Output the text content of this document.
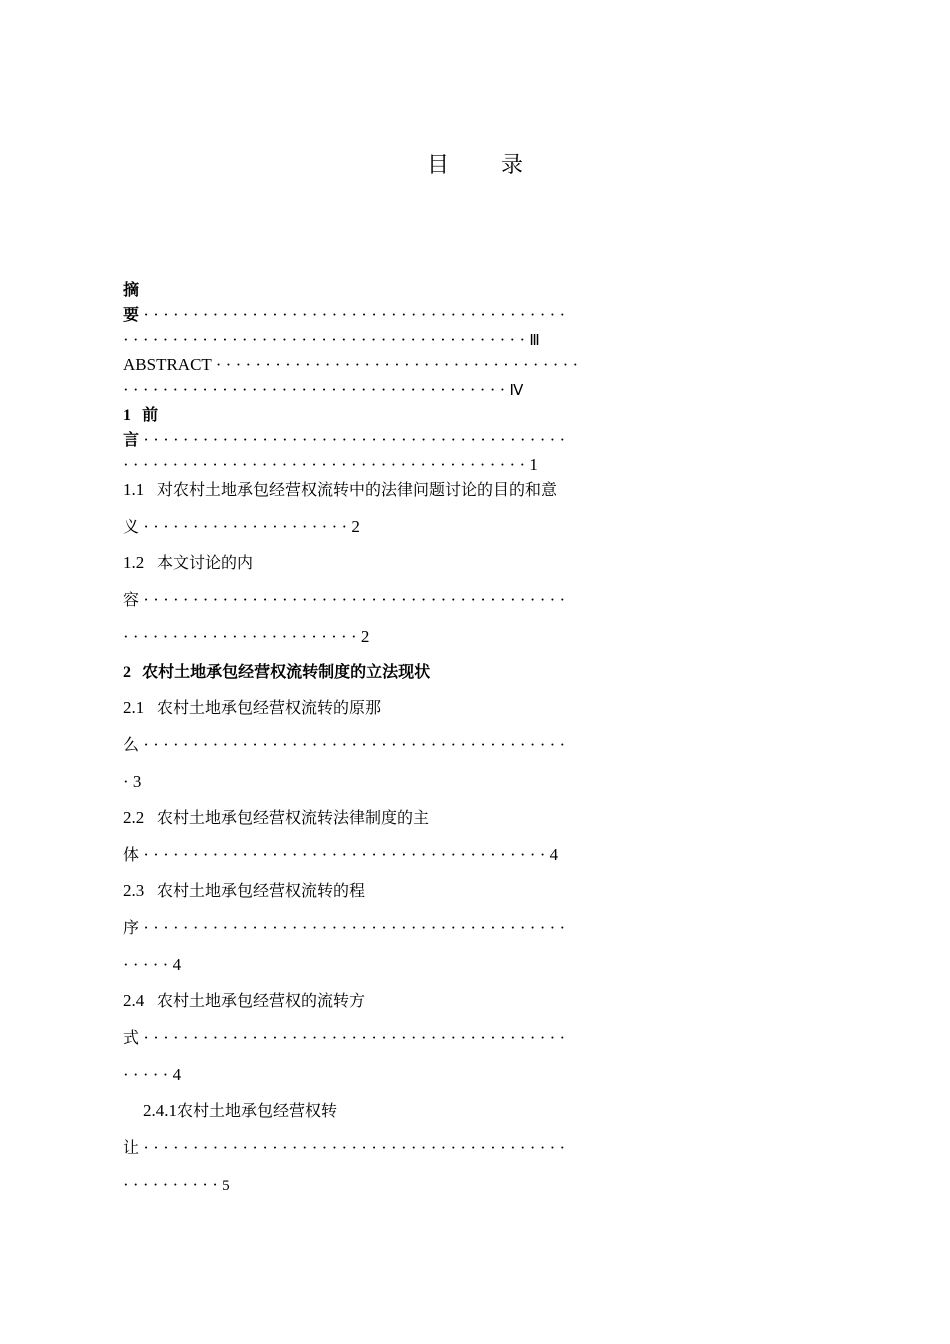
目 录
摘
要 · · · · · · · · · · · · · · · · · · · · · · · · · · · · · · · · · · · · · · · · · · ·
· · · · · · · · · · · · · · · · · · · · · · · · · · · · · · · · · · · · · · · · · Ⅲ
ABSTRACT · · · · · · · · · · · · · · · · · · · · · · · · · · · · · · · · · · · · ·
· · · · · · · · · · · · · · · · · · · · · · · · · · · · · · · · · · · · · · · Ⅳ
1 前
言 · · · · · · · · · · · · · · · · · · · · · · · · · · · · · · · · · · · · · · · · · · ·
· · · · · · · · · · · · · · · · · · · · · · · · · · · · · · · · · · · · · · · · · 1
1.1 对农村土地承包经营权流转中的法律问题讨论的目的和意
义 · · · · · · · · · · · · · · · · · · · · · 2
1.2 本文讨论的内
容 · · · · · · · · · · · · · · · · · · · · · · · · · · · · · · · · · · · · · · · · · · ·
· · · · · · · · · · · · · · · · · · · · · · · · 2
2 农村土地承包经营权流转制度的立法现状
2.1 农村土地承包经营权流转的原那
么 · · · · · · · · · · · · · · · · · · · · · · · · · · · · · · · · · · · · · · · · · · ·
· 3
2.2 农村土地承包经营权流转法律制度的主
体 · · · · · · · · · · · · · · · · · · · · · · · · · · · · · · · · · · · · · · · · · 4
2.3 农村土地承包经营权流转的程
序 · · · · · · · · · · · · · · · · · · · · · · · · · · · · · · · · · · · · · · · · · · ·
· · · · · 4
2.4 农村土地承包经营权的流转方
式 · · · · · · · · · · · · · · · · · · · · · · · · · · · · · · · · · · · · · · · · · · ·
· · · · · 4
2.4.1农村土地承包经营权转
让 · · · · · · · · · · · · · · · · · · · · · · · · · · · · · · · · · · · · · · · · · · ·
· · · · · · · · · · 5
